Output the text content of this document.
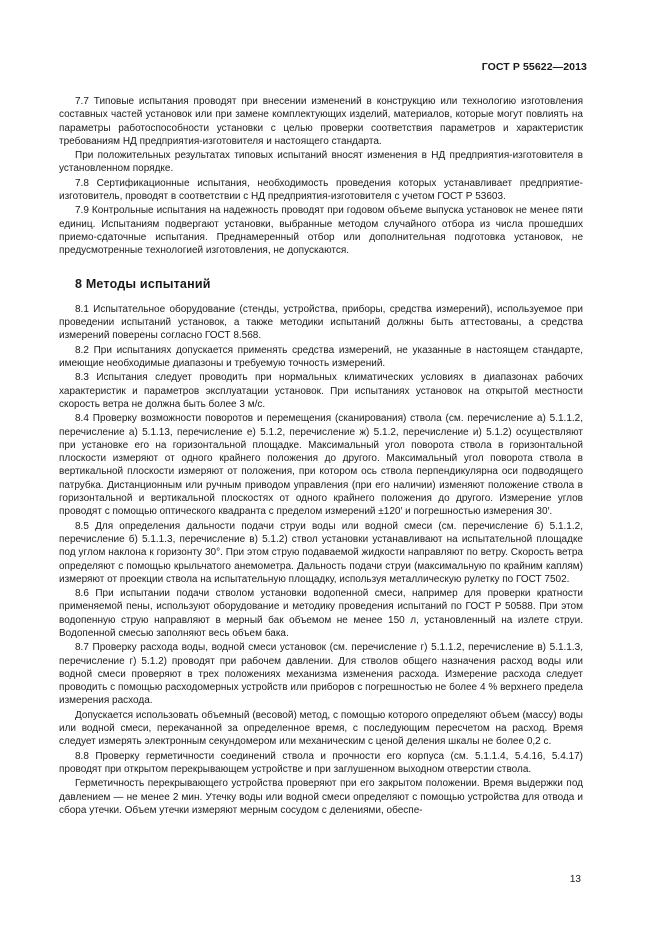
ГОСТ Р 55622—2013

7.7 Типовые испытания проводят при внесении изменений в конструкцию или технологию изготовления составных частей установок или при замене комплектующих изделий, материалов, которые могут повлиять на параметры работоспособности установки с целью проверки соответствия параметров и характеристик требованиям НД предприятия-изготовителя и настоящего стандарта.

При положительных результатах типовых испытаний вносят изменения в НД предприятия-изготовителя в установленном порядке.

7.8 Сертификационные испытания, необходимость проведения которых устанавливает предприятие-изготовитель, проводят в соответствии с НД предприятия-изготовителя с учетом ГОСТ Р 53603.

7.9 Контрольные испытания на надежность проводят при годовом объеме выпуска установок не менее пяти единиц. Испытаниям подвергают установки, выбранные методом случайного отбора из числа прошедших приемо-сдаточные испытания. Преднамеренный отбор или дополнительная подготовка установок, не предусмотренные технологией изготовления, не допускаются.

8 Методы испытаний

8.1 Испытательное оборудование (стенды, устройства, приборы, средства измерений), используемое при проведении испытаний установок, а также методики испытаний должны быть аттестованы, а средства измерений поверены согласно ГОСТ 8.568.

8.2 При испытаниях допускается применять средства измерений, не указанные в настоящем стандарте, имеющие необходимые диапазоны и требуемую точность измерений.

8.3 Испытания следует проводить при нормальных климатических условиях в диапазонах рабочих характеристик и параметров эксплуатации установок. При испытаниях установок на открытой местности скорость ветра не должна быть более 3 м/с.

8.4 Проверку возможности поворотов и перемещения (сканирования) ствола (см. перечисление а) 5.1.1.2, перечисление а) 5.1.13, перечисление е) 5.1.2, перечисление ж) 5.1.2, перечисление и) 5.1.2) осуществляют при установке его на горизонтальной площадке. Максимальный угол поворота ствола в горизонтальной плоскости измеряют от одного крайнего положения до другого. Максимальный угол поворота ствола в вертикальной плоскости измеряют от положения, при котором ось ствола перпендикулярна оси подводящего патрубка. Дистанционным или ручным приводом управления (при его наличии) изменяют положение ствола в горизонтальной и вертикальной плоскостях от одного крайнего положения до другого. Измерение углов проводят с помощью оптического квадранта с пределом измерений ±120′ и погрешностью измерения 30′.

8.5 Для определения дальности подачи струи воды или водной смеси (см. перечисление б) 5.1.1.2, перечисление б) 5.1.1.3, перечисление в) 5.1.2) ствол установки устанавливают на испытательной площадке под углом наклона к горизонту 30°. При этом струю подаваемой жидкости направляют по ветру. Скорость ветра определяют с помощью крыльчатого анемометра. Дальность подачи струи (максимальную по крайним каплям) измеряют от проекции ствола на испытательную площадку, используя металлическую рулетку по ГОСТ 7502.

8.6 При испытании подачи стволом установки водопенной смеси, например для проверки кратности применяемой пены, используют оборудование и методику проведения испытаний по ГОСТ Р 50588. При этом водопенную струю направляют в мерный бак объемом не менее 150 л, установленный на излете струи. Водопенной смесью заполняют весь объем бака.

8.7 Проверку расхода воды, водной смеси установок (см. перечисление г) 5.1.1.2, перечисление в) 5.1.1.3, перечисление г) 5.1.2) проводят при рабочем давлении. Для стволов общего назначения расход воды или водной смеси проверяют в трех положениях механизма изменения расхода. Измерение расхода следует проводить с помощью расходомерных устройств или приборов с погрешностью не более 4 % верхнего предела измерения расхода.

Допускается использовать объемный (весовой) метод, с помощью которого определяют объем (массу) воды или водной смеси, перекачанной за определенное время, с последующим пересчетом на расход. Время следует измерять электронным секундомером или механическим с ценой деления шкалы не более 0,2 с.

8.8 Проверку герметичности соединений ствола и прочности его корпуса (см. 5.1.1.4, 5.4.16, 5.4.17) проводят при открытом перекрывающем устройстве и при заглушенном выходном отверстии ствола.

Герметичность перекрывающего устройства проверяют при его закрытом положении. Время выдержки под давлением — не менее 2 мин. Утечку воды или водной смеси определяют с помощью устройства для отвода и сбора утечки. Объем утечки измеряют мерным сосудом с делениями, обеспе-

13
